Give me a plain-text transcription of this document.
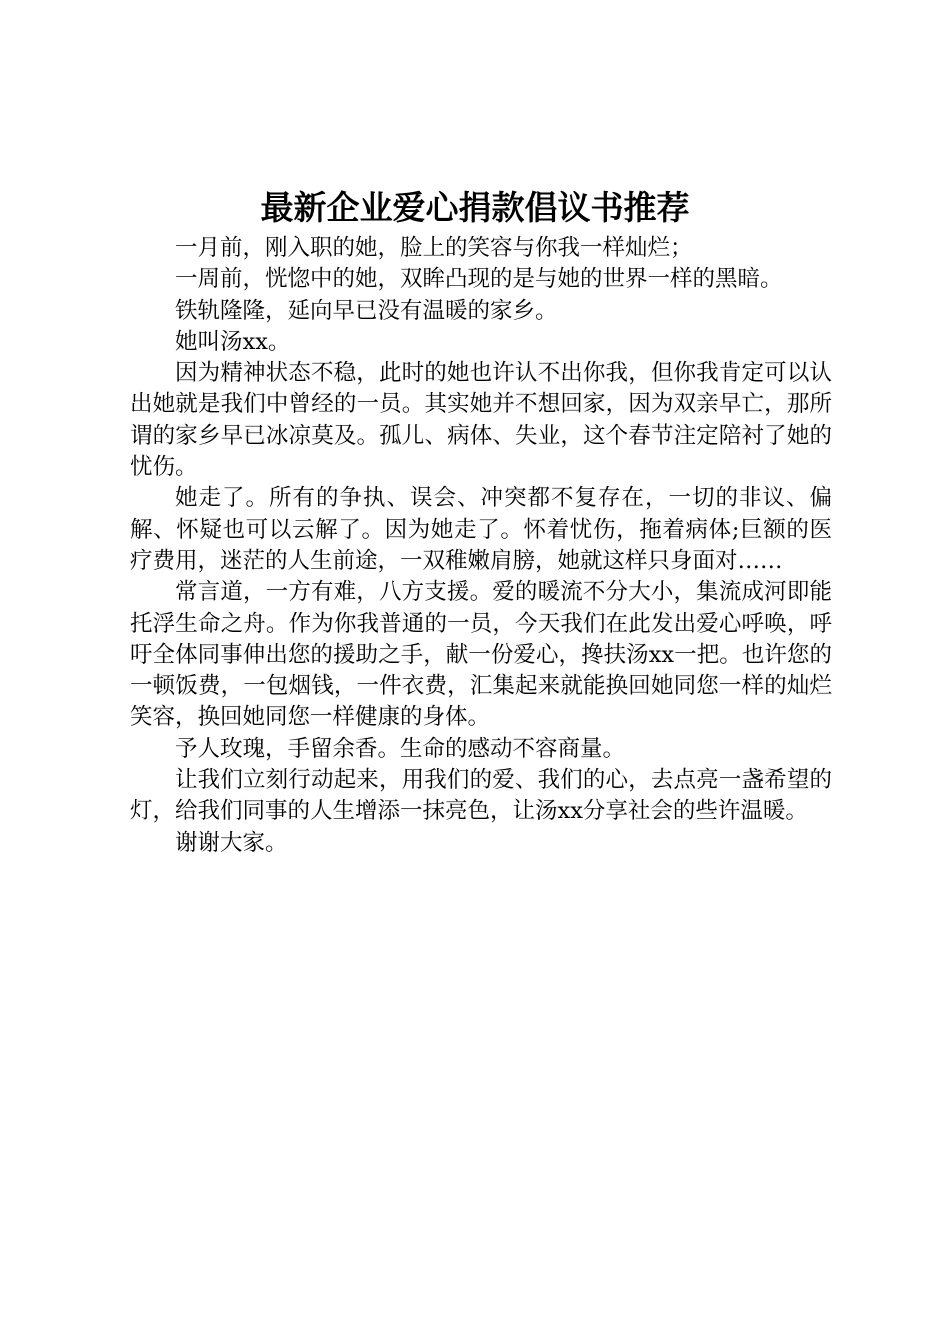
最新企业爱心捐款倡议书推荐

一月前，刚入职的她，脸上的笑容与你我一样灿烂；

一周前，恍惚中的她，双眸凸现的是与她的世界一样的黑暗。

铁轨隆隆，延向早已没有温暖的家乡。

她叫汤xx。

因为精神状态不稳，此时的她也许认不出你我，但你我肯定可以认出她就是我们中曾经的一员。其实她并不想回家，因为双亲早亡，那所谓的家乡早已冰凉莫及。孤儿、病体、失业，这个春节注定陪衬了她的忧伤。

她走了。所有的争执、误会、冲突都不复存在，一切的非议、偏解、怀疑也可以云解了。因为她走了。怀着忧伤，拖着病体;巨额的医疗费用，迷茫的人生前途，一双稚嫩肩膀，她就这样只身面对……

常言道，一方有难，八方支援。爱的暖流不分大小，集流成河即能托浮生命之舟。作为你我普通的一员，今天我们在此发出爱心呼唤，呼吁全体同事伸出您的援助之手，献一份爱心，搀扶汤xx一把。也许您的一顿饭费，一包烟钱，一件衣费，汇集起来就能换回她同您一样的灿烂笑容，换回她同您一样健康的身体。

予人玫瑰，手留余香。生命的感动不容商量。

让我们立刻行动起来，用我们的爱、我们的心，去点亮一盏希望的灯，给我们同事的人生增添一抹亮色，让汤xx分享社会的些许温暖。

谢谢大家。
